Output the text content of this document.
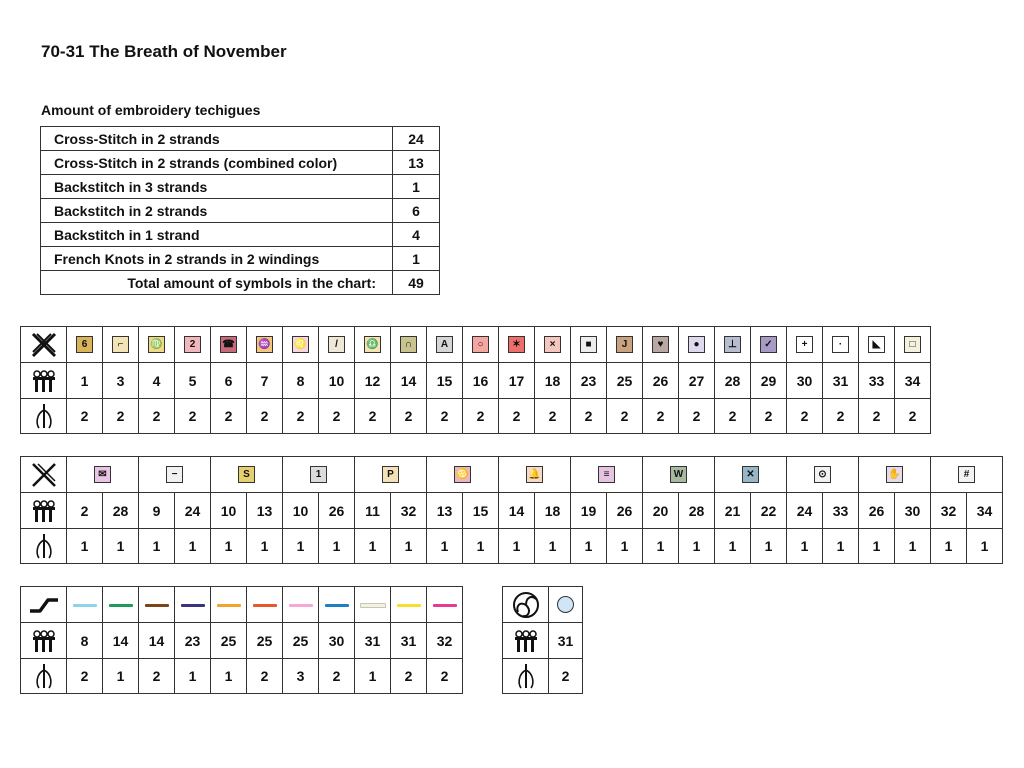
70-31 The Breath of November
Amount of embroidery techigues
Cross-Stitch in 2 strands	24
Cross-Stitch in 2 strands (combined color)	13
Backstitch in 3 strands	1
Backstitch in 2 strands	6
Backstitch in 1 strand	4
French Knots in 2 strands in 2 windings	1
Total amount of symbols in the chart:	49
	6	⌐	♍	2	☎	♒	♌	/	♎	∩	A	○	✶	×	■	J	♥	●	⊥	✓	+	·	◣	□

	1	3	4	5	6	7	8	10	12	14	15	16	17	18	23	25	26	27	28	29	30	31	33	34

	2	2	2	2	2	2	2	2	2	2	2	2	2	2	2	2	2	2	2	2	2	2	2	2
	✉		−		S		1		P		♋		🔔		≡		W		✕		⊙		✋		#	

	2	28	9	24	10	13	10	26	11	32	13	15	14	18	19	26	20	28	21	22	24	33	26	30	32	34

	1	1	1	1	1	1	1	1	1	1	1	1	1	1	1	1	1	1	1	1	1	1	1	1	1	1

	8	14	14	23	25	25	25	30	31	31	32

	2	1	2	1	1	2	3	2	1	2	2

	31

	2
